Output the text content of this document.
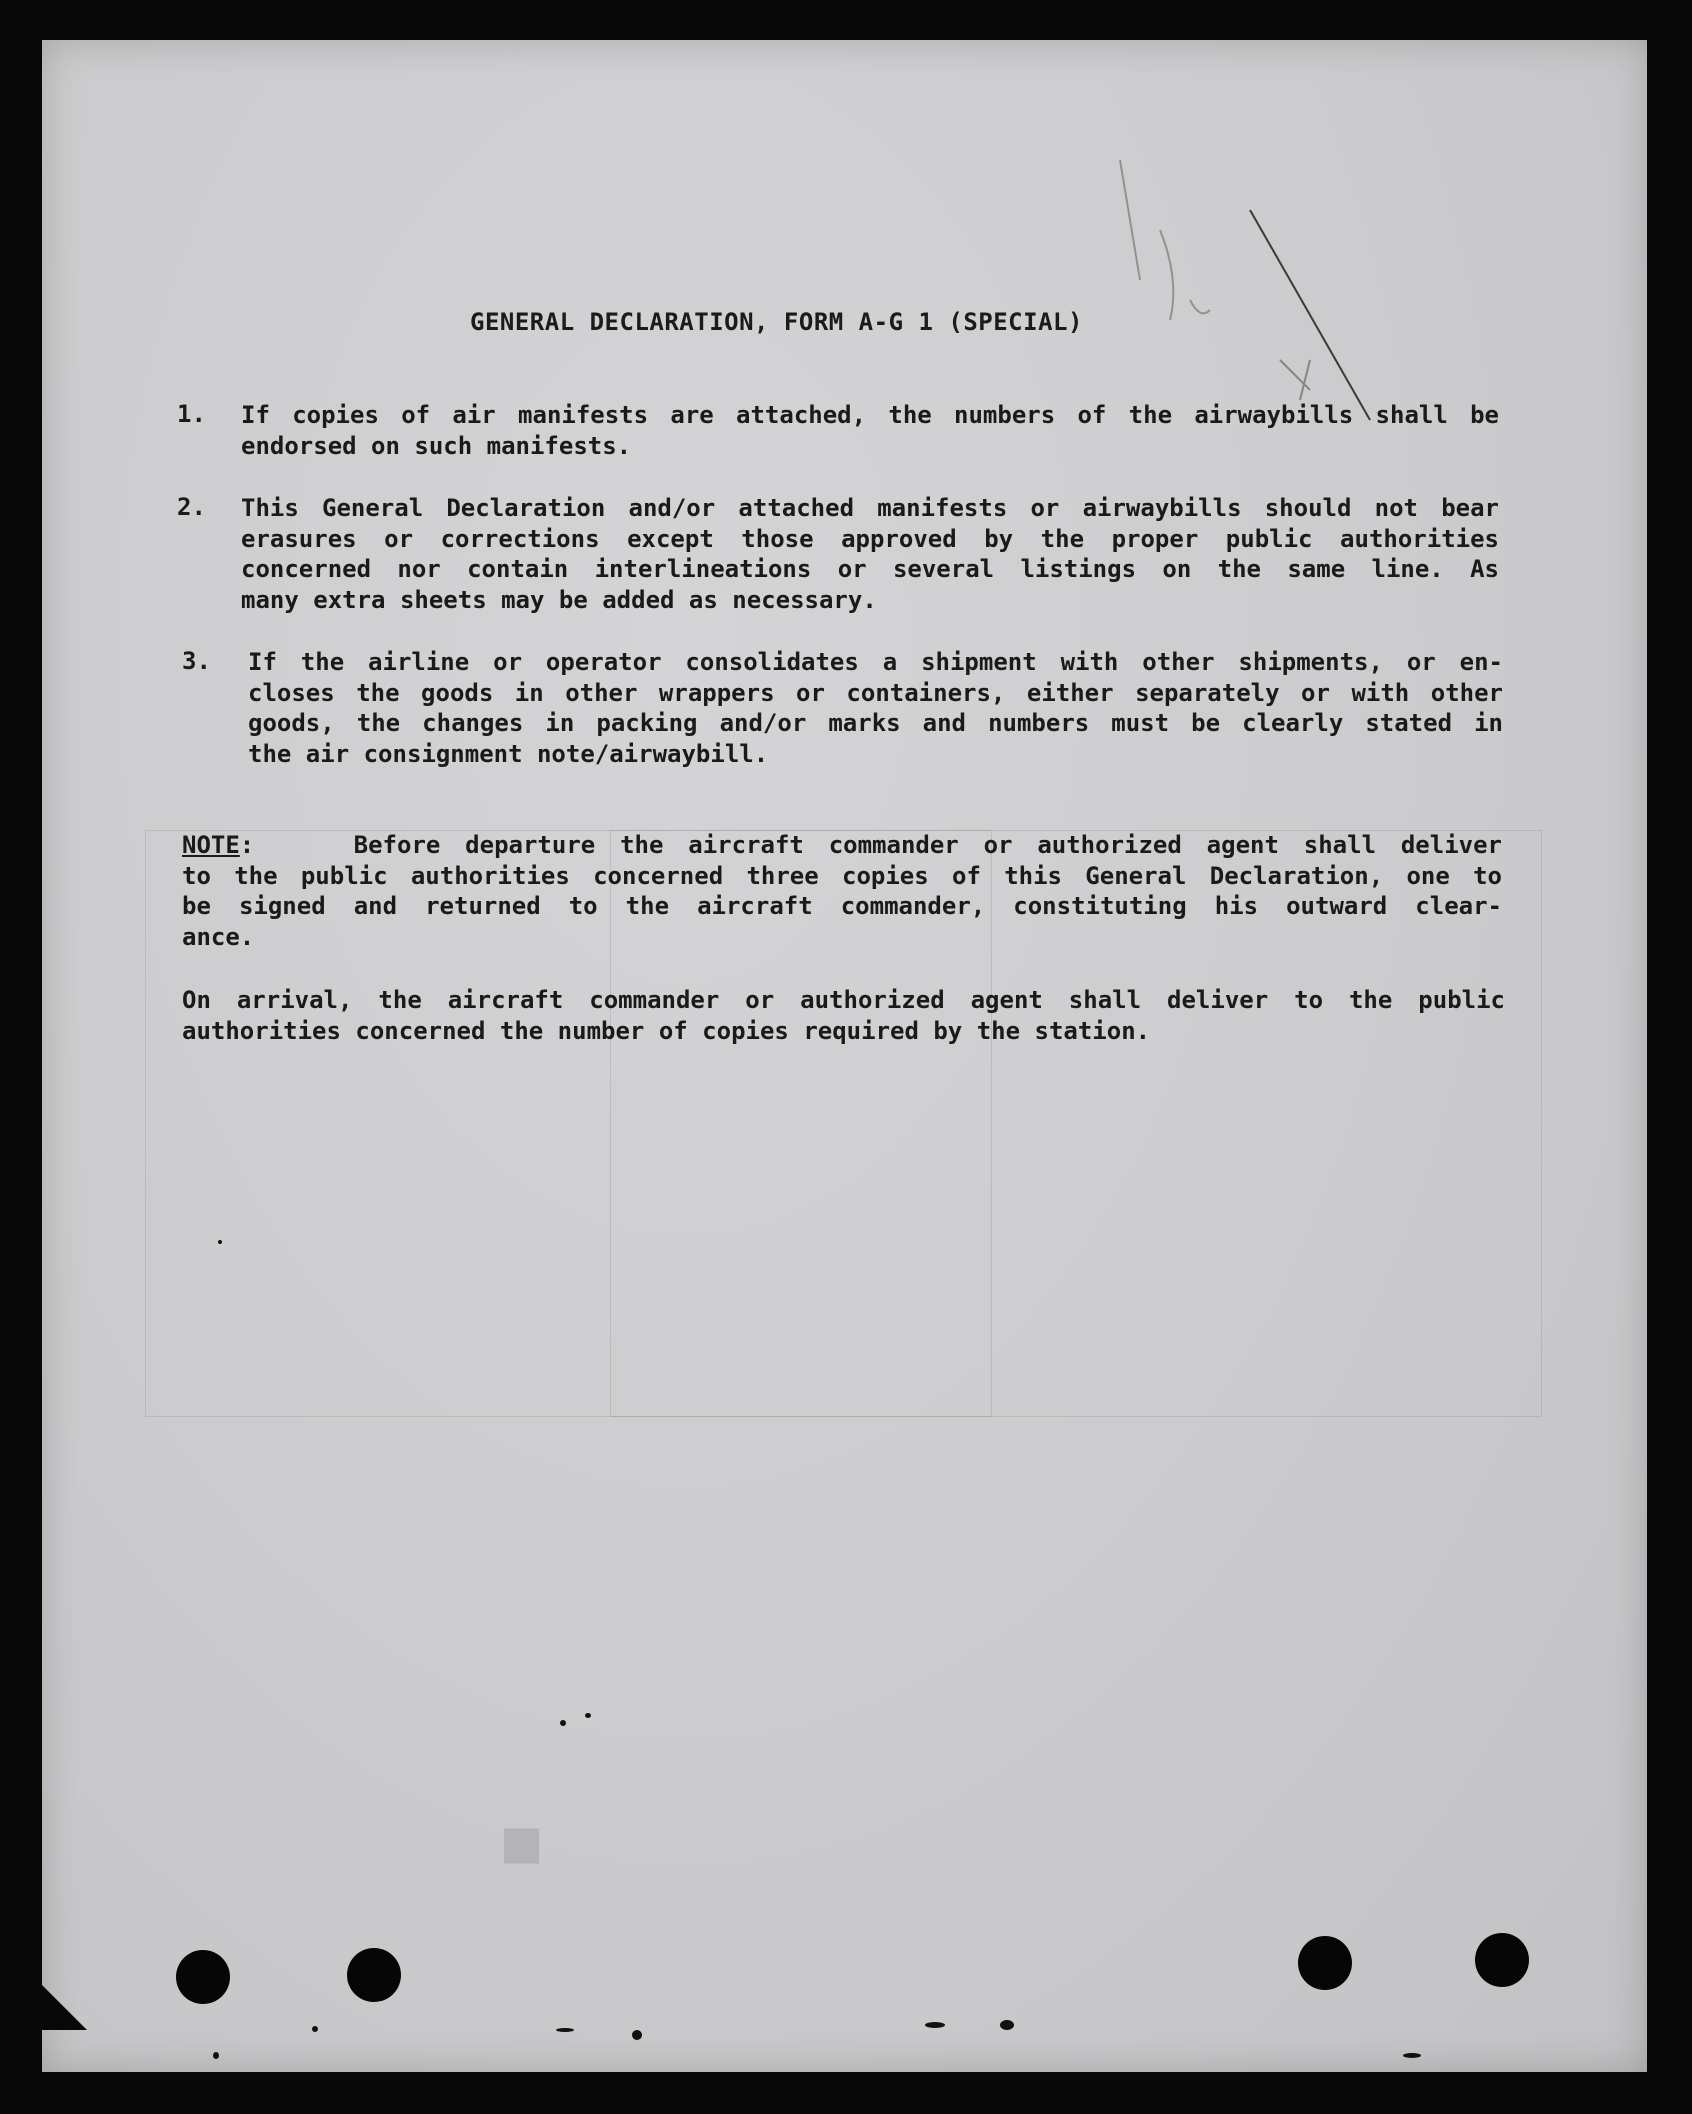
■
GENERAL DECLARATION, FORM A-G 1 (SPECIAL)
1. If copies of air manifests are attached, the numbers of the airwaybills shall be
endorsed on such manifests.
2. This General Declaration and/or attached manifests or airwaybills should not bear
erasures or corrections except those approved by the proper public authorities
concerned nor contain interlineations or several listings on the same line. As
many extra sheets may be added as necessary.
3. If the airline or operator consolidates a shipment with other shipments, or en-
closes the goods in other wrappers or containers, either separately or with other
goods, the changes in packing and/or marks and numbers must be clearly stated in
the air consignment note/airwaybill.
NOTE:	Before departure the aircraft commander or authorized agent shall deliver
to the public authorities concerned three copies of this General Declaration, one to
be signed and returned to the aircraft commander, constituting his outward clear-
ance.
On arrival, the aircraft commander or authorized agent shall deliver to the public
authorities concerned the number of copies required by the station.
